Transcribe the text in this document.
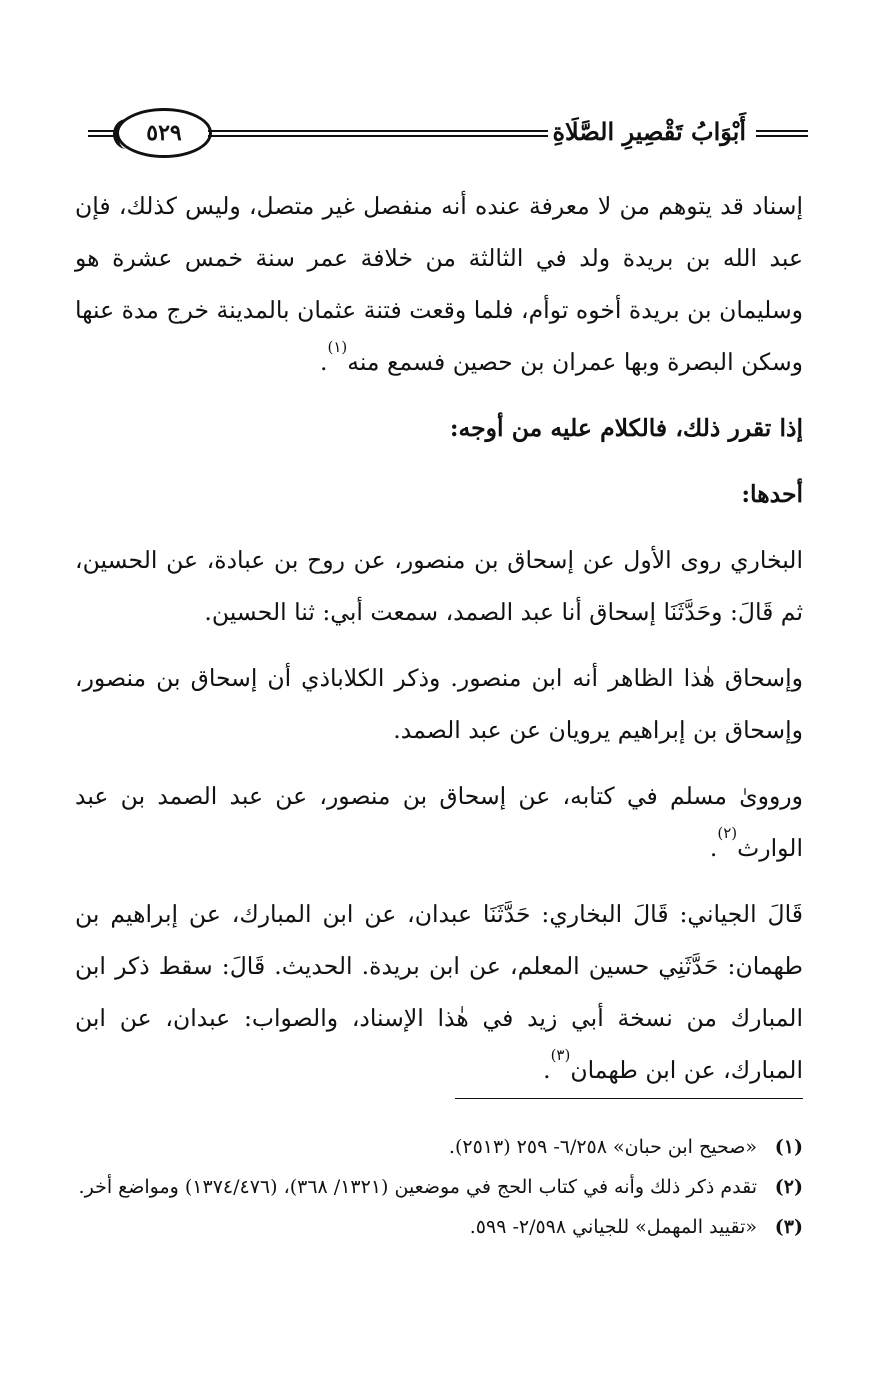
أَبْوَابُ تَقْصِيرِ الصَّلَاةِ
٥٢٩

إسناد قد يتوهم من لا معرفة عنده أنه منفصل غير متصل، وليس كذلك، فإن عبد الله بن بريدة ولد في الثالثة من خلافة عمر سنة خمس عشرة هو وسليمان بن بريدة أخوه توأم، فلما وقعت فتنة عثمان بالمدينة خرج مدة عنها وسكن البصرة وبها عمران بن حصين فسمع منه$^{(١)}$.

إذا تقرر ذلك، فالكلام عليه من أوجه:

أحدها:

البخاري روى الأول عن إسحاق بن منصور، عن روح بن عبادة، عن الحسين، ثم قَالَ: وحَدَّثَنَا إسحاق أنا عبد الصمد، سمعت أبي: ثنا الحسين.

وإسحاق هٰذا الظاهر أنه ابن منصور. وذكر الكلاباذي أن إسحاق بن منصور، وإسحاق بن إبراهيم يرويان عن عبد الصمد.

ورووىٰ مسلم في كتابه، عن إسحاق بن منصور، عن عبد الصمد بن عبد الوارث$^{(٢)}$.

قَالَ الجياني: قَالَ البخاري: حَدَّثَنَا عبدان، عن ابن المبارك، عن إبراهيم بن طهمان: حَدَّثَنِي حسين المعلم، عن ابن بريدة. الحديث. قَالَ: سقط ذكر ابن المبارك من نسخة أبي زيد في هٰذا الإسناد، والصواب: عبدان، عن ابن المبارك، عن ابن طهمان$^{(٣)}$.

(١)
«صحيح ابن حبان» ٦/٢٥٨- ٢٥٩ (٢٥١٣).
(٢)
تقدم ذكر ذلك وأنه في كتاب الحج في موضعين (١٣٢١/ ٣٦٨)، (١٣٧٤/٤٧٦) ومواضع أخر.
(٣)
«تقييد المهمل» للجياني ٢/٥٩٨- ٥٩٩.
